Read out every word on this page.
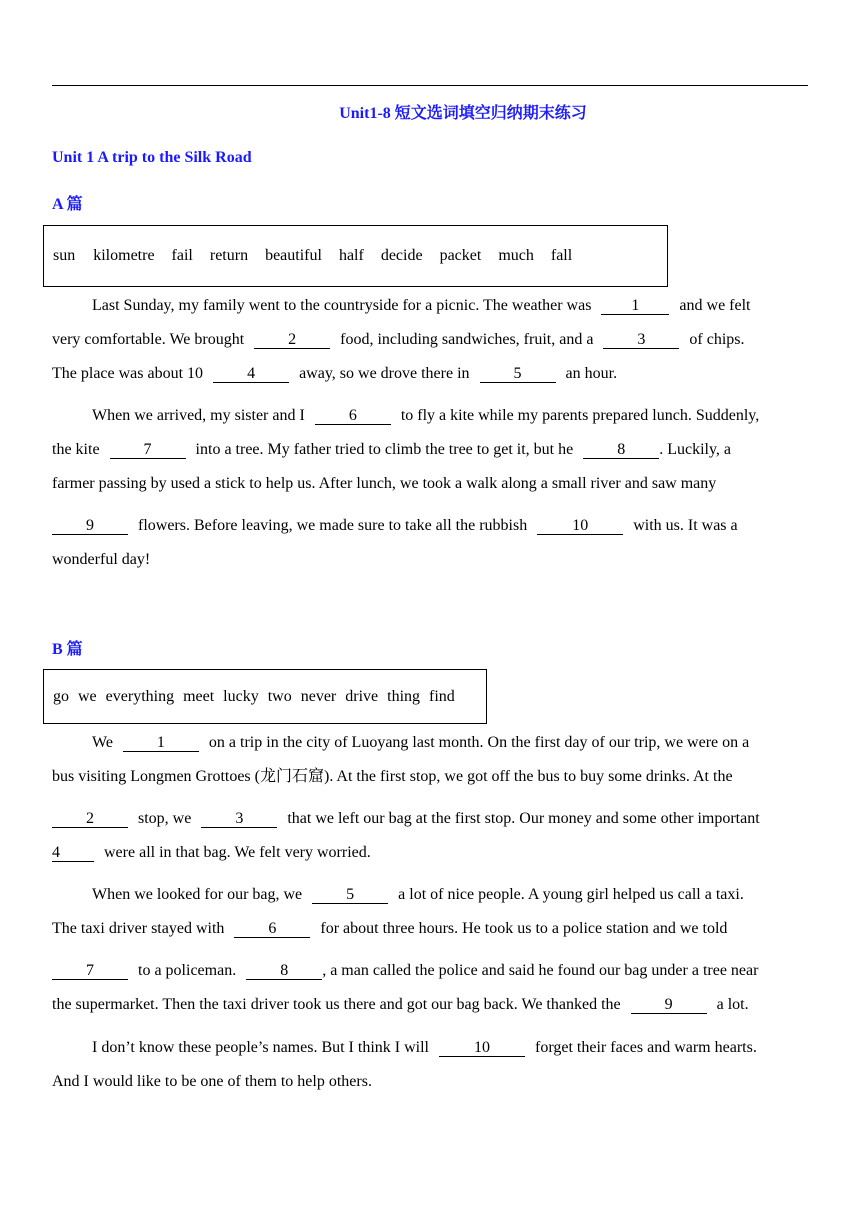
Unit1-8 短文选词填空归纳期末练习
Unit 1 A trip to the Silk Road
A 篇
sun kilometre fail return beautiful half decide packet much fall
Last Sunday, my family went to the countryside for a picnic. The weather was	1	and we felt
very comfortable. We brought	2	food, including sandwiches, fruit, and a	3	of chips.
The place was about 10	4	away, so we drove there in	5	an hour.
When we arrived, my sister and I	6	to fly a kite while my parents prepared lunch. Suddenly,
the kite	7	into a tree. My father tried to climb the tree to get it, but he	8 . Luckily, a
farmer passing by used a stick to help us. After lunch, we took a walk along a small river and saw many
9	flowers. Before leaving, we made sure to take all the rubbish	10	with us. It was a
wonderful day!
B 篇
go we everything meet lucky two never drive thing find
We	1	on a trip in the city of Luoyang last month. On the first day of our trip, we were on a
bus visiting Longmen Grottoes (龙门石窟). At the first stop, we got off the bus to buy some drinks. At the
2	stop, we	3	that we left our bag at the first stop. Our money and some other important
4	were all in that bag. We felt very worried.
When we looked for our bag, we	5	a lot of nice people. A young girl helped us call a taxi.
The taxi driver stayed with	6	for about three hours. He took us to a police station and we told
7	to a policeman.	8 , a man called the police and said he found our bag under a tree near
the supermarket. Then the taxi driver took us there and got our bag back. We thanked the	9	a lot.
I don’t know these people’s names. But I think I will	10	forget their faces and warm hearts.
And I would like to be one of them to help others.
